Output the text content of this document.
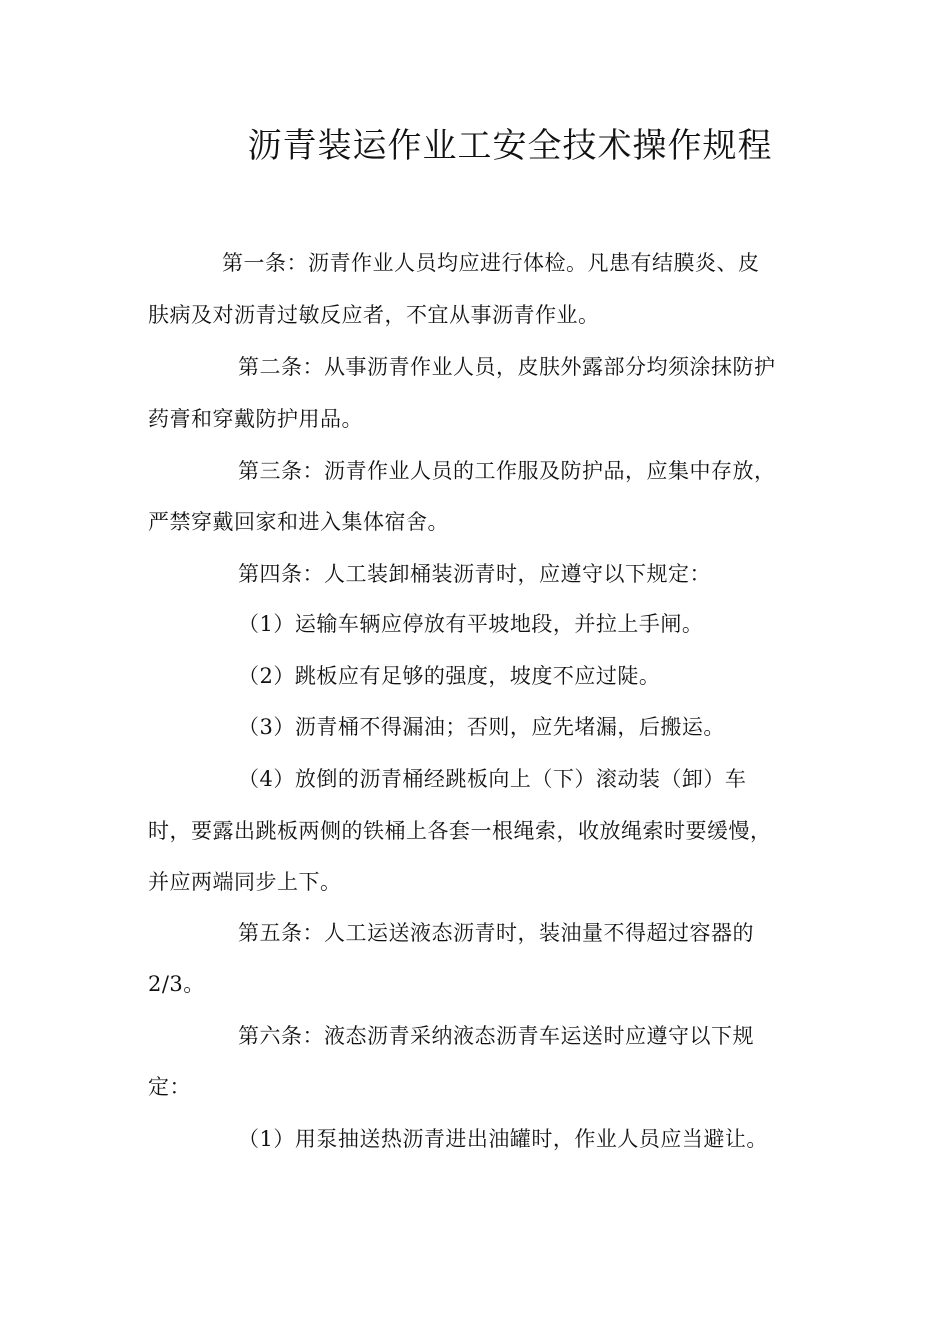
沥青装运作业工安全技术操作规程
第一条：沥青作业人员均应进行体检。凡患有结膜炎、皮
肤病及对沥青过敏反应者，不宜从事沥青作业。
第二条：从事沥青作业人员，皮肤外露部分均须涂抹防护
药膏和穿戴防护用品。
第三条：沥青作业人员的工作服及防护品，应集中存放，
严禁穿戴回家和进入集体宿舍。
第四条：人工装卸桶装沥青时，应遵守以下规定：
（1）运输车辆应停放有平坡地段，并拉上手闸。
（2）跳板应有足够的强度，坡度不应过陡。
（3）沥青桶不得漏油；否则，应先堵漏，后搬运。
（4）放倒的沥青桶经跳板向上（下）滚动装（卸）车
时，要露出跳板两侧的铁桶上各套一根绳索，收放绳索时要缓慢，
并应两端同步上下。
第五条：人工运送液态沥青时，装油量不得超过容器的
2/3。
第六条：液态沥青采纳液态沥青车运送时应遵守以下规
定：
（1）用泵抽送热沥青进出油罐时，作业人员应当避让。
